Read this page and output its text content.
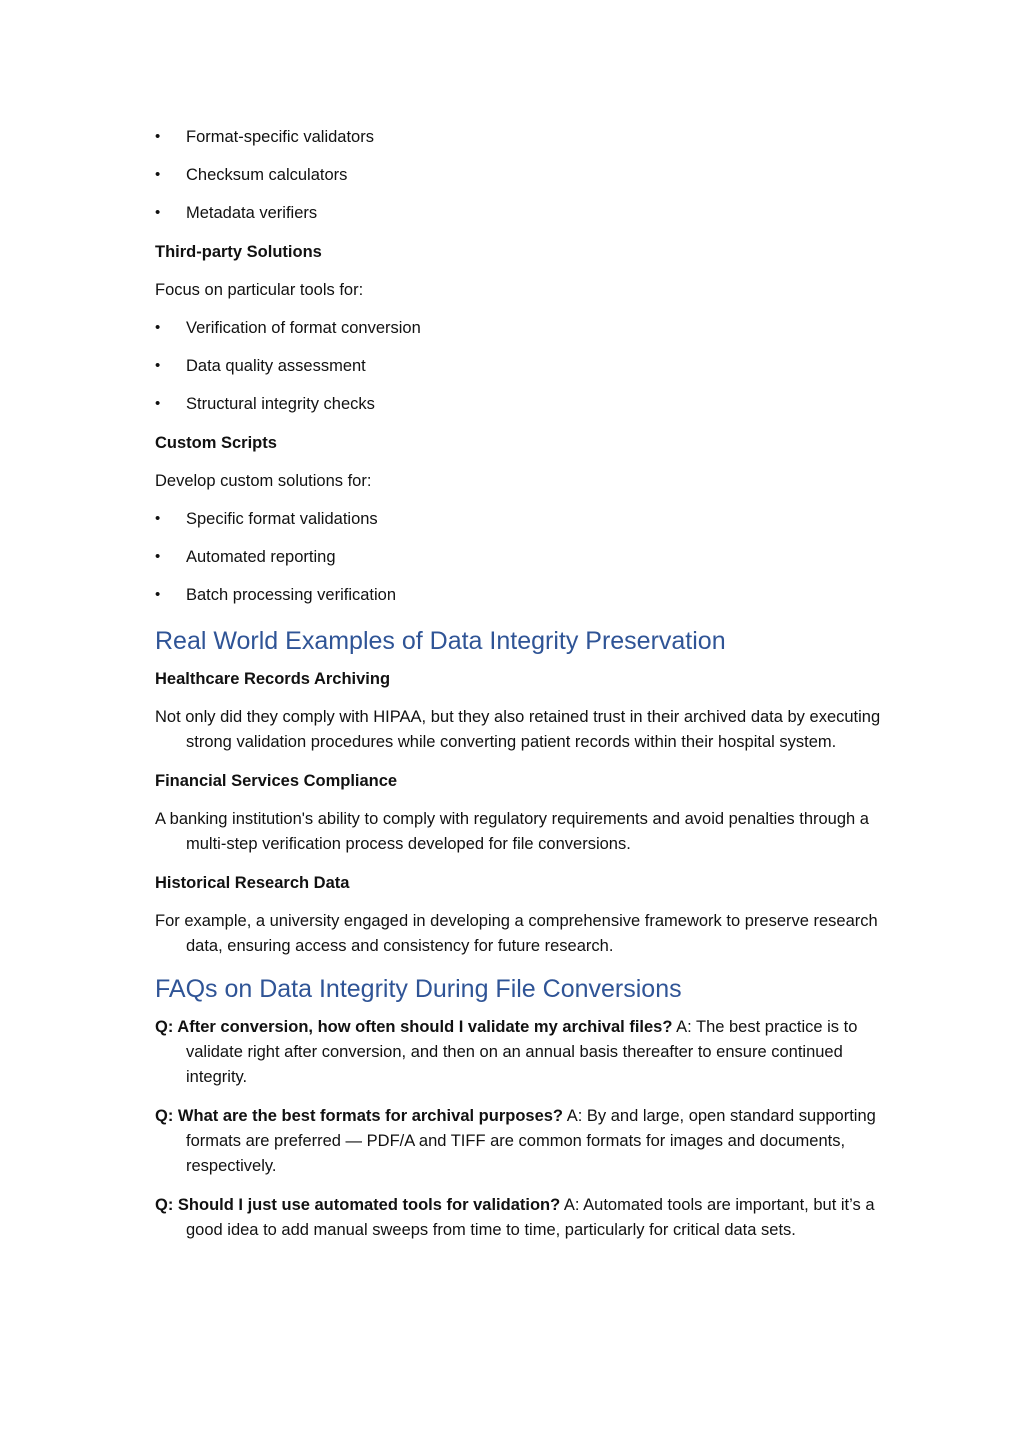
• Format-specific validators
• Checksum calculators
• Metadata verifiers

Third-party Solutions

Focus on particular tools for:

• Verification of format conversion
• Data quality assessment
• Structural integrity checks

Custom Scripts

Develop custom solutions for:

• Specific format validations
• Automated reporting
• Batch processing verification
Real World Examples of Data Integrity Preservation

Healthcare Records Archiving

Not only did they comply with HIPAA, but they also retained trust in their archived data by executing strong validation procedures while converting patient records within their hospital system.

Financial Services Compliance

A banking institution's ability to comply with regulatory requirements and avoid penalties through a multi-step verification process developed for file conversions.

Historical Research Data

For example, a university engaged in developing a comprehensive framework to preserve research data, ensuring access and consistency for future research.

FAQs on Data Integrity During File Conversions

Q: After conversion, how often should I validate my archival files? A: The best practice is to validate right after conversion, and then on an annual basis thereafter to ensure continued integrity.

Q: What are the best formats for archival purposes? A: By and large, open standard supporting formats are preferred — PDF/A and TIFF are common formats for images and documents, respectively.

Q: Should I just use automated tools for validation? A: Automated tools are important, but it’s a good idea to add manual sweeps from time to time, particularly for critical data sets.
